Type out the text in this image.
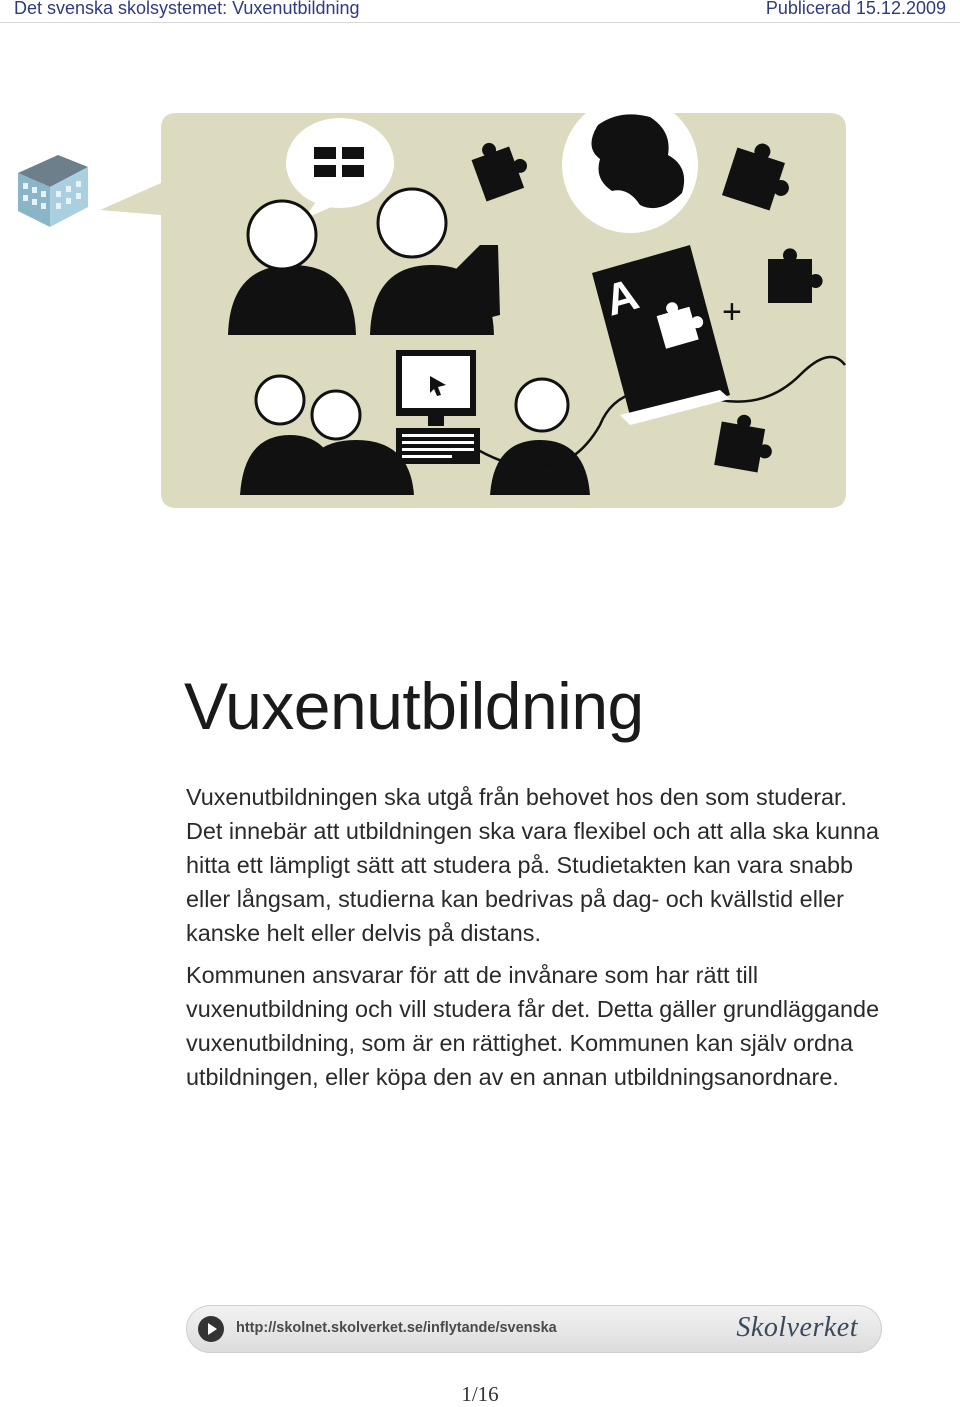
Det svenska skolsystemet: Vuxenutbildning	Publicerad 15.12.2009
A +
Vuxenutbildning

Vuxenutbildningen ska utgå från behovet hos den som studerar. Det innebär att utbildningen ska vara flexibel och att alla ska kunna hitta ett lämpligt sätt att studera på. Studietakten kan vara snabb eller långsam, studierna kan bedrivas på dag- och kvällstid eller kanske helt eller delvis på distans.

Kommunen ansvarar för att de invånare som har rätt till vuxenutbildning och vill studera får det. Detta gäller grundläggande vuxenutbildning, som är en rättighet. Kommunen kan själv ordna utbildningen, eller köpa den av en annan utbildningsanordnare.

http://skolnet.skolverket.se/inflytande/svenska	Skolverket
1/16
